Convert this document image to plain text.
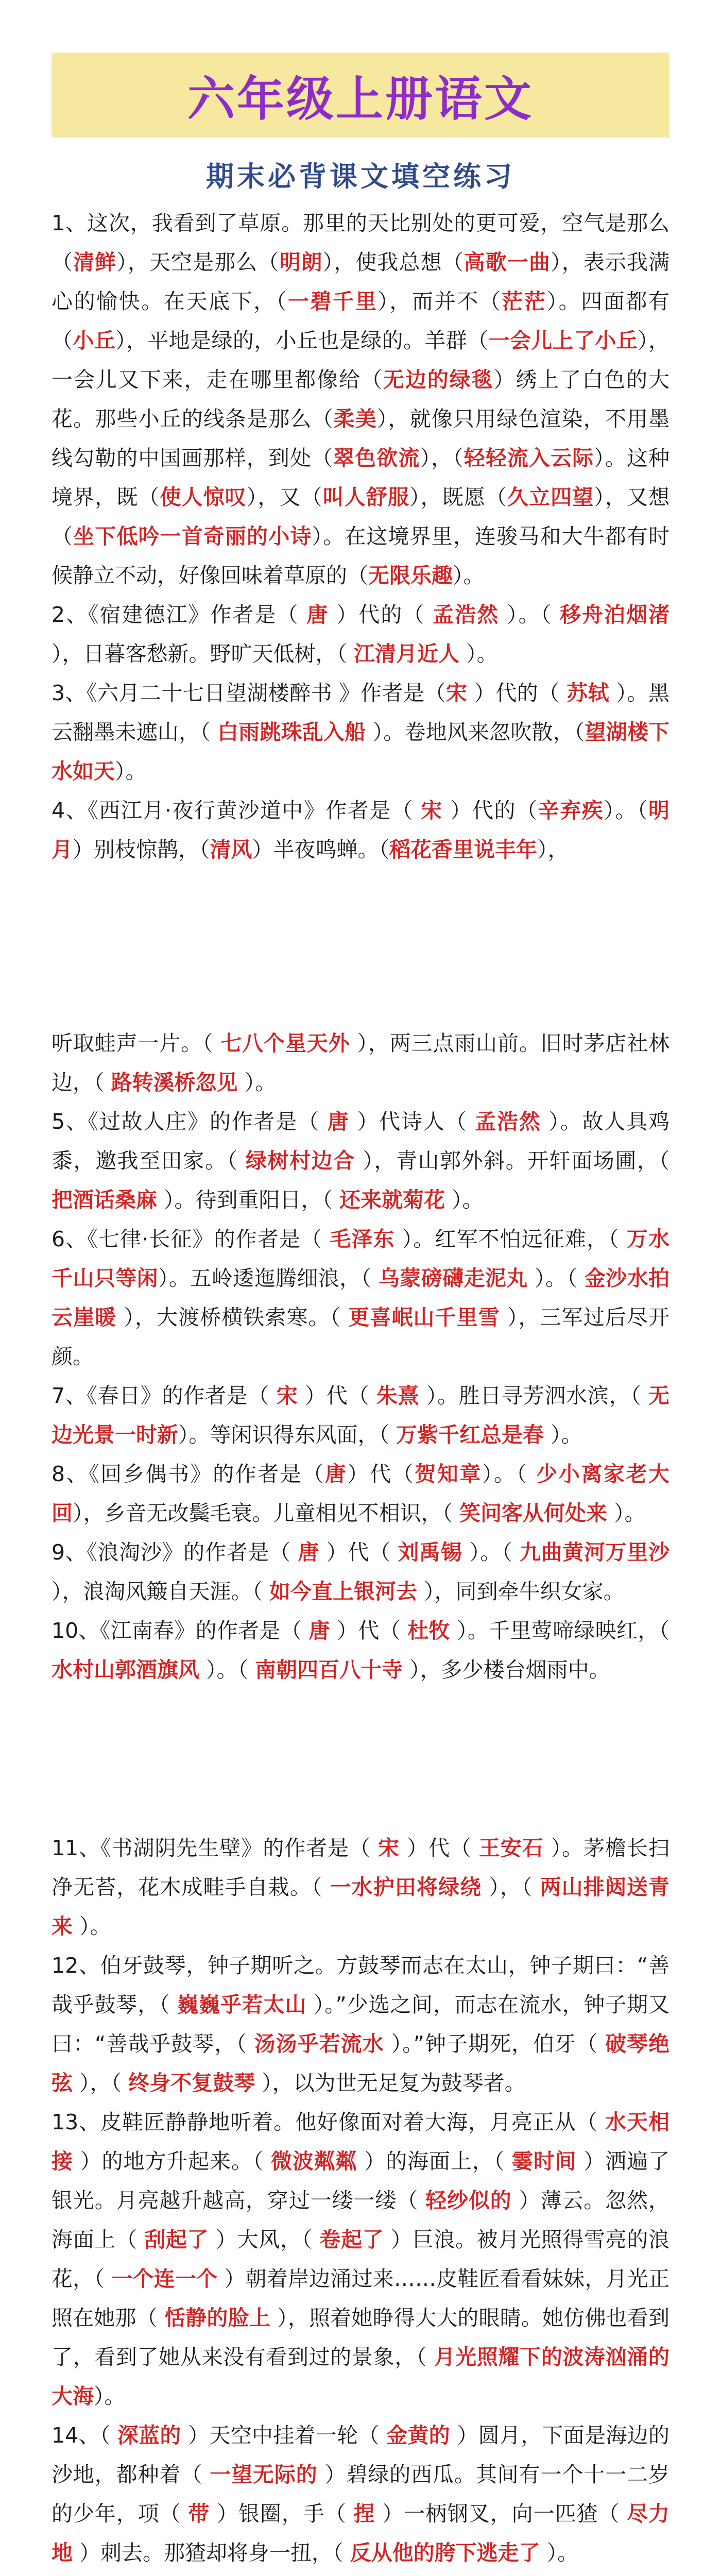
六年级上册语文
期末必背课文填空练习

1、这次，我看到了草原。那里的天比别处的更可爱，空气是那么（清鲜），天空是那么（明朗），使我总想（高歌一曲），表示我满心的愉快。在天底下，（一碧千里），而并不（茫茫）。四面都有（小丘），平地是绿的，小丘也是绿的。羊群（一会儿上了小丘），一会儿又下来，走在哪里都像给（无边的绿毯）绣上了白色的大花。那些小丘的线条是那么（柔美），就像只用绿色渲染，不用墨线勾勒的中国画那样，到处（翠色欲流），（轻轻流入云际）。这种境界，既（使人惊叹），又（叫人舒服），既愿（久立四望），又想（坐下低吟一首奇丽的小诗）。在这境界里，连骏马和大牛都有时候静立不动，好像回味着草原的（无限乐趣）。

2、《宿建德江》作者是（ 唐 ）代的（ 孟浩然 ）。（ 移舟泊烟渚 ），日暮客愁新。野旷天低树，（ 江清月近人 ）。

3、《六月二十七日望湖楼醉书 》作者是（宋 ）代的（ 苏轼 ）。黑云翻墨未遮山，（ 白雨跳珠乱入船 ）。卷地风来忽吹散，（望湖楼下水如天）。

4、《西江月·夜行黄沙道中》作者是（ 宋 ）代的（辛弃疾）。（明月）别枝惊鹊，（清风）半夜鸣蝉。（稻花香里说丰年），

听取蛙声一片。（ 七八个星天外 ），两三点雨山前。旧时茅店社林边，（ 路转溪桥忽见 ）。

5、《过故人庄》的作者是（ 唐 ）代诗人（ 孟浩然 ）。故人具鸡黍，邀我至田家。（ 绿树村边合 ），青山郭外斜。开轩面场圃，（ 把酒话桑麻 ）。待到重阳日，（ 还来就菊花 ）。

6、《七律·长征》的作者是（ 毛泽东 ）。红军不怕远征难，（ 万水千山只等闲）。五岭逶迤腾细浪，（ 乌蒙磅礴走泥丸 ）。（ 金沙水拍云崖暖 ），大渡桥横铁索寒。（ 更喜岷山千里雪 ），三军过后尽开颜。

7、《春日》的作者是（ 宋 ）代（ 朱熹 ）。胜日寻芳泗水滨，（ 无边光景一时新）。等闲识得东风面，（ 万紫千红总是春 ）。

8、《回乡偶书》的作者是（唐）代（贺知章）。（ 少小离家老大回），乡音无改鬓毛衰。儿童相见不相识，（ 笑问客从何处来 ）。

9、《浪淘沙》的作者是（ 唐 ）代（ 刘禹锡 ）。（ 九曲黄河万里沙 ），浪淘风簸自天涯。（ 如今直上银河去 ），同到牵牛织女家。

10、《江南春》的作者是（ 唐 ）代（ 杜牧 ）。千里莺啼绿映红，（ 水村山郭酒旗风 ）。（ 南朝四百八十寺 ），多少楼台烟雨中。

11、《书湖阴先生壁》的作者是（ 宋 ）代（ 王安石 ）。茅檐长扫净无苔，花木成畦手自栽。（ 一水护田将绿绕 ），（ 两山排闼送青来 ）。

12、伯牙鼓琴，钟子期听之。方鼓琴而志在太山，钟子期曰：“善哉乎鼓琴，（ 巍巍乎若太山 ）。”少选之间，而志在流水，钟子期又曰：“善哉乎鼓琴，（ 汤汤乎若流水 ）。”钟子期死，伯牙（ 破琴绝弦 ），（ 终身不复鼓琴 ），以为世无足复为鼓琴者。

13、皮鞋匠静静地听着。他好像面对着大海，月亮正从（ 水天相接 ）的地方升起来。（ 微波粼粼 ）的海面上，（ 霎时间 ）洒遍了银光。月亮越升越高，穿过一缕一缕（ 轻纱似的 ）薄云。忽然，海面上（ 刮起了 ）大风，（ 卷起了 ）巨浪。被月光照得雪亮的浪花，（ 一个连一个 ）朝着岸边涌过来……皮鞋匠看看妹妹，月光正照在她那（ 恬静的脸上 ），照着她睁得大大的眼睛。她仿佛也看到了，看到了她从来没有看到过的景象，（ 月光照耀下的波涛汹涌的大海）。

14、（ 深蓝的 ）天空中挂着一轮（ 金黄的 ）圆月，下面是海边的沙地，都种着（ 一望无际的 ）碧绿的西瓜。其间有一个十一二岁的少年，项（ 带 ）银圈，手（ 捏 ）一柄钢叉，向一匹猹（ 尽力地 ）刺去。那猹却将身一扭，（ 反从他的胯下逃走了 ）。
